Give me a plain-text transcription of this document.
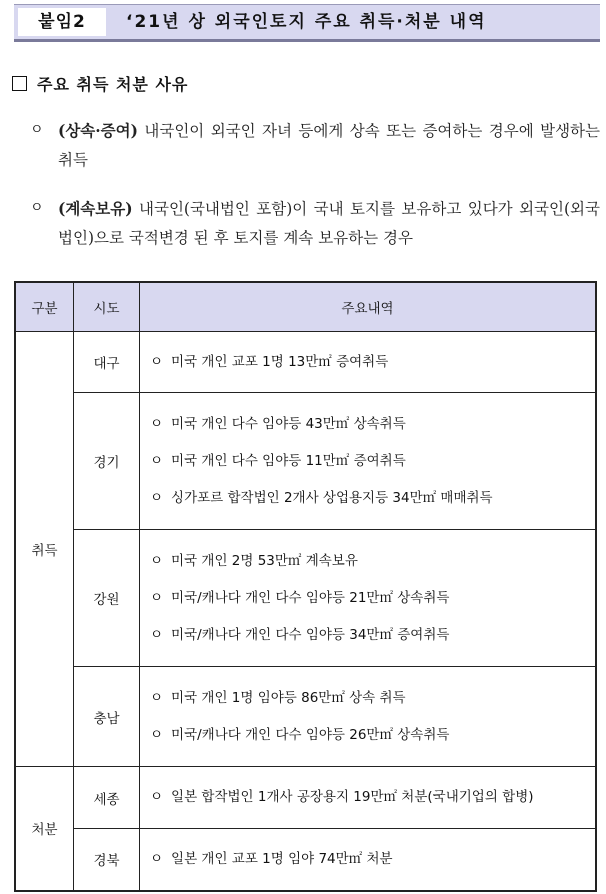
붙임2	‘21년 상 외국인토지 주요 취득·처분 내역
주요 취득 처분 사유
ㅇ (상속·증여) 내국인이 외국인 자녀 등에게 상속 또는 증여하는 경우에 발생하는 취득
ㅇ (계속보유) 내국인(국내법인 포함)이 국내 토지를 보유하고 있다가 외국인(외국법인)으로 국적변경 된 후 토지를 계속 보유하는 경우
구분	시도	주요내역
취득	대구	ㅇ 미국 개인 교포 1명 13만㎡ 증여취득

	경기	ㅇ 미국 개인 다수 임야등 43만㎡ 상속취득
ㅇ 미국 개인 다수 임야등 11만㎡ 증여취득
ㅇ 싱가포르 합작법인 2개사 상업용지등 34만㎡ 매매취득

	강원	ㅇ 미국 개인 2명 53만㎡ 계속보유
ㅇ 미국/캐나다 개인 다수 임야등 21만㎡ 상속취득
ㅇ 미국/캐나다 개인 다수 임야등 34만㎡ 증여취득

	충남	ㅇ 미국 개인 1명 임야등 86만㎡ 상속 취득
ㅇ 미국/캐나다 개인 다수 임야등 26만㎡ 상속취득

처분	세종	ㅇ 일본 합작법인 1개사 공장용지 19만㎡ 처분(국내기업의 합병)

	경북	ㅇ 일본 개인 교포 1명 임야 74만㎡ 처분
